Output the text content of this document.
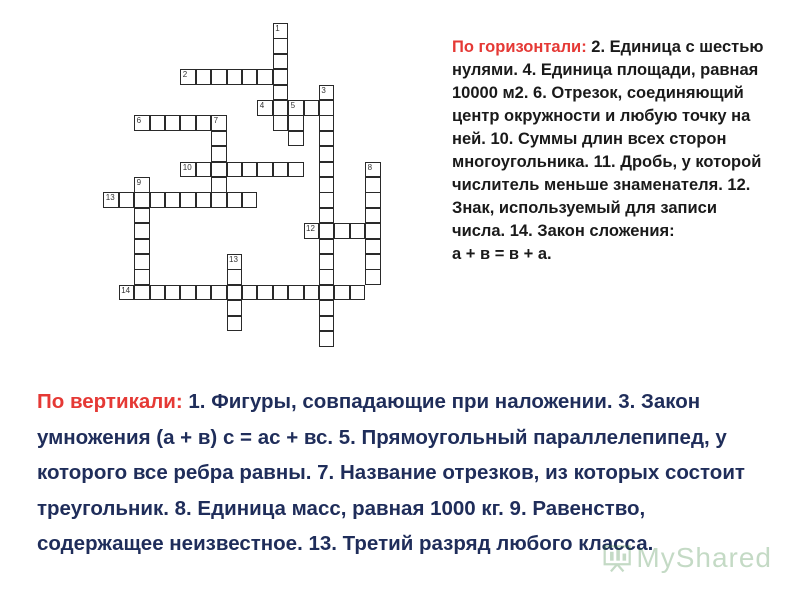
2
4
6
10
13
12
14
1
3
5
7
8
9
13
По горизонтали: 2. Единица с шестью нулями. 4. Единица площади, равная 10000 м2. 6. Отрезок, соединяющий центр окружности и любую точку на ней. 10. Суммы длин всех сторон многоугольника. 11. Дробь, у которой числитель меньше знаменателя. 12. Знак, используемый для записи числа. 14. Закон сложения:
а + в = в + а.
По вертикали: 1. Фигуры, совпадающие при наложении. 3. Закон умножения (а + в) с = ас + вс. 5. Прямоугольный параллелепипед, у которого все ребра равны. 7. Название отрезков, из которых состоит треугольник. 8. Единица масс, равная 1000 кг. 9. Равенство, содержащее неизвестное. 13. Третий разряд любого класса.
MyShared
